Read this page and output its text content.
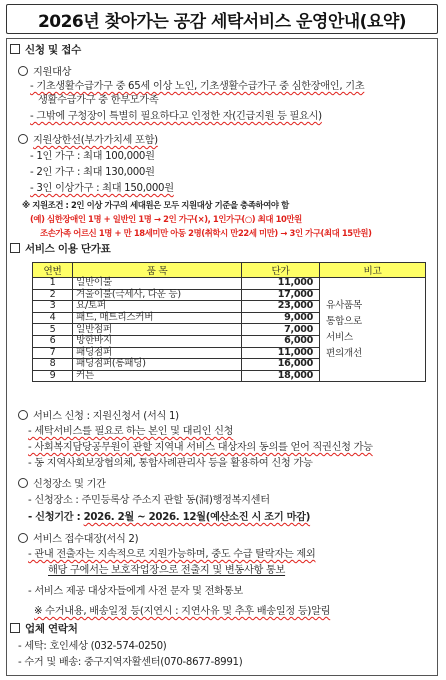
2026년 찾아가는 공감 세탁서비스 운영안내(요약)
신청 및 접수
지원대상
- 기초생활수급가구 중 65세 이상 노인, 기초생활수급가구 중 심한장애인, 기초
생활수급가구 중 한부모가족
- 그밖에 구청장이 특별히 필요하다고 인정한 자(긴급지원 등 필요시)
지원상한선(부가가치세 포함)
- 1인 가구 : 최대 100,000원
- 2인 가구 : 최대 130,000원
- 3인 이상가구 : 최대 150,000원
※ 지원조건 : 2인 이상 가구의 세대원은 모두 지원대상 기준을 충족하여야 함
(예) 심한장애인 1명 + 일반인 1명 → 2인 가구(×), 1인가구(○) 최대 10만원
조손가족 어르신 1명 + 만 18세미만 아동 2명(취학시 만22세 미만) → 3인 가구(최대 15만원)
서비스 이용 단가표
연번	품 목	단가	비고
1	일반이불	11,000	유사품목
통합으로
서비스
편의개선

2	겨울이불(극세사, 다운 등)	17,000	
3	요/토퍼	23,000	
4	패드, 매트리스커버	9,000	
5	일반점퍼	7,000	
6	방한바지	6,000	
7	패딩점퍼	11,000	
8	패딩점퍼(롱패딩)	16,000	
9	커튼	18,000	
서비스 신청 : 지원신청서 (서식 1)
- 세탁서비스를 필요로 하는 본인 및 대리인 신청
- 사회복지담당공무원이 관할 지역내 서비스 대상자의 동의를 얻어 직권신청 가능
- 동 지역사회보장협의체, 통합사례관리사 등을 활용하여 신청 가능
신청장소 및 기간
- 신청장소 : 주민등록상 주소지 관할 동(洞)행정복지센터
- 신청기간 : 2026. 2월 ~ 2026. 12월(예산소진 시 조기 마감)
서비스 접수대장(서식 2)
- 관내 전출자는 지속적으로 지원가능하며, 중도 수급 탈락자는 제외
해당 구에서는 보호작업장으로 전출지 및 변동사항 통보
- 서비스 제공 대상자들에게 사전 문자 및 전화통보
※ 수거내용, 배송일정 등(지연시 : 지연사유 및 추후 배송일정 등)알림
업체 연락처
- 세탁: 호인세상 (032-574-0250)
- 수거 및 배송: 중구지역자활센터(070-8677-8991)
